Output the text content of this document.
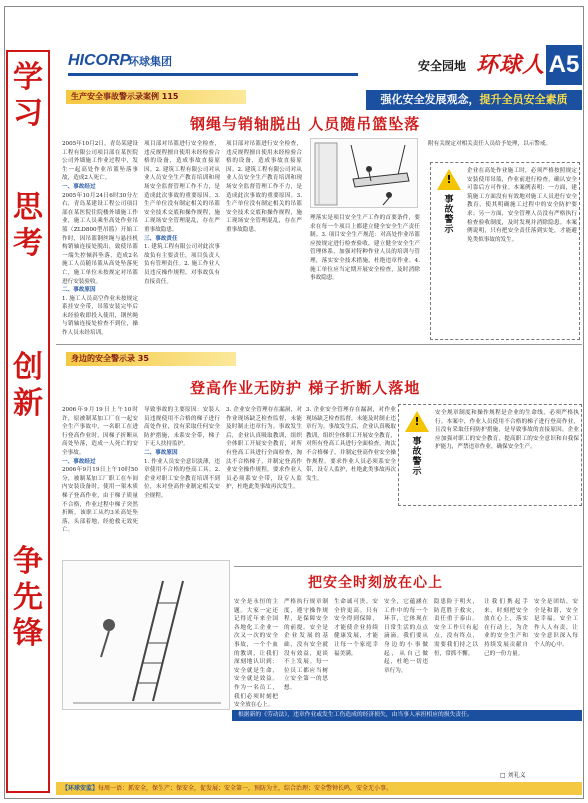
学
习
思
考
创
新
争
先
锋
HICORP
环球集团	安全园地 环球人 A5
强化安全发展观念，提升全员安全素质
生产安全事故警示录案例 115
钢绳与销轴脱出 人员随吊篮坠落
2005年10月2日，青岛某建设工程有限公司项目部在某医院公司外墙施工作业过程中，发生一起高处作业吊篮坠落事故，造成2人死亡。
一、事故经过
2005年10月24日6时30分左右，青岛某建设工程公司项目部在某医院住院楼外墙施工作业，施工人员乘坐高处作业吊篮（ZLD800型吊篮）开始工作时，因吊篮钢丝绳与悬挂机构销轴连接处脱出，致使吊篮一端失控倾斜坠落，造成2名施工人员随吊篮从高处坠落死亡，施工单位未按规定对吊篮进行安装验收。
二、事故原因
1. 施工人员高空作业未按规定系挂安全带，吊篮安装完毕后未经验收即投入使用，钢丝绳与销轴连接处检查不到位，操作人员未经培训。
项目部对吊篮进行安全检查，违反规程擅自使用未经检验合格的设备，造成事故直接原因。2. 建筑工程有限公司对从业人员安全生产教育培训和现场安全监督管理工作不力，是造成此次事故的重要原因。3. 生产单位没有制定相关的吊篮安全技术交底和操作规程，施工现场安全管理混乱，存在严重事故隐患。
三、事故责任
1. 建筑工程有限公司对此次事故负有主要责任，项目负责人负有管理责任。2. 施工作业人员违反操作规程，对事故负有直接责任。
项目部对吊篮进行安全检查，违反规程擅自使用未经检验合格的设备，造成事故直接原因。2. 建筑工程有限公司对从业人员安全生产教育培训和现场安全监督管理工作不力，是造成此次事故的重要原因。3. 生产单位没有制定相关的吊篮安全技术交底和操作规程，施工现场安全管理混乱，存在严重事故隐患。
理落实是项目安全生产工作的首要条件，要求在每一个项目上都建立健全安全生产责任制。3. 项目安全生产规范：对高处作业吊篮应按规定进行检查验收，建立健全安全生产管理体系，加强对特种作业人员的培训与管理，落实安全技术措施，杜绝违章作业。4. 施工单位应当定期开展安全检查，及时消除事故隐患。
附有关规定对相关责任人员给予处理，以示警戒。
!
事故警示
企业在高处作业施工时，必须严格按照规定安装使用吊篮，作业前进行检查，确认安全可靠后方可作业。本案例表明：一方面，建筑施工方面没有有效地对施工人员进行安全教育，使其明确施工过程中的安全防护要求；另一方面，安全管理人员没有严格执行检查验收制度，及时发现并消除隐患。本案例说明，只有把安全责任落到实处，才能避免类似事故的发生。
身边的安全警示录 35
登高作业无防护 梯子折断人落地
2006年9月19日上午10时许，原被制某加工厂在一起安全生产事故中，一名职工在进行登高作业时，因梯子折断从高处坠落，造成一人死亡的安全事故。
一、事故经过
2006年9月19日上午10时50分，被制某加工厂职工在车间内安装设备时，使用一架木质梯子登高作业，由于梯子质量不合格，作业过程中梯子突然折断，该职工从约3米高处坠落，头部着地，经抢救无效死亡。
导致事故的主要原因：安装人员违规使用不合格的梯子进行高处作业，没有采取任何安全防护措施，未系安全带，梯子下无人扶持监护。
二、事故原因
1. 作业人员安全意识淡薄，违章使用不合格的登高工具。2. 企业对职工安全教育培训不到位，未对登高作业制定相关安全规程。
3. 企业安全管理存在漏洞，对作业现场缺乏检查监督，未能及时制止违章行为。事故发生后，企业认真吸取教训，组织全体职工开展安全教育，对所有登高工具进行全面检查，淘汰不合格梯子，并制定登高作业安全操作规程，要求作业人员必须系安全带，设专人监护，杜绝此类事故再次发生。
3. 企业安全管理存在漏洞，对作业现场缺乏检查监督，未能及时制止违章行为。事故发生后，企业认真吸取教训，组织全体职工开展安全教育，对所有登高工具进行全面检查，淘汰不合格梯子，并制定登高作业安全操作规程，要求作业人员必须系安全带，设专人监护，杜绝此类事故再次发生。
!
事故警示
安全规章制度和操作规程是企业的生命线，必须严格执行。本案中，作业人员使用不合格的梯子进行登高作业，且没有采取任何防护措施，是导致事故的直接原因。企业应加强对职工的安全教育，提高职工的安全意识和自我保护能力，严禁违章作业，确保安全生产。
根据新的《劳动法》，违章作业或发生工伤造成的经济损失，由当事人承担相应的损失责任。
把安全时刻放在心上
安全是永恒的主题。大家一定还记得近年来全国各地化工企业一次又一次的安全事故，一个个血的教训，让我们深刻地认识到：安全就是生命，安全就是效益。作为一名员工，我们必须时刻把安全放在心上。
严格执行规章制度，遵守操作规程，是保障安全的前提。安全是企业发展的基础，没有安全就没有效益，更谈不上发展。每一位员工都应当树立安全第一的思想。
生命诚可贵，安全价更高。只有安全得到保障，才能使企业持续健康发展，才能让每一个家庭幸福美满。
安全，它蕴涵在工作中的每一个环节，它体现在日常生活的点点滴滴。我们要从身边的小事做起，从自己做起，杜绝一切违章行为。
隐患险于明火，防范胜于救灾，责任重于泰山。安全工作只有起点，没有终点，需要我们持之以恒，常抓不懈。
让我们携起手来，时刻把安全放在心上，落实在行动上，为企业的安全生产和持续发展贡献自己的一份力量。
安全是团结，安全是和谐，安全是幸福。安全工作人人有责，让安全意识深入每个人的心中。
□ 刘礼义
【环球安监】每周一语：抓安全，保生产；保安全，促发展；安全第一，预防为主，综合治理；安全警钟长鸣，安全无小事。
